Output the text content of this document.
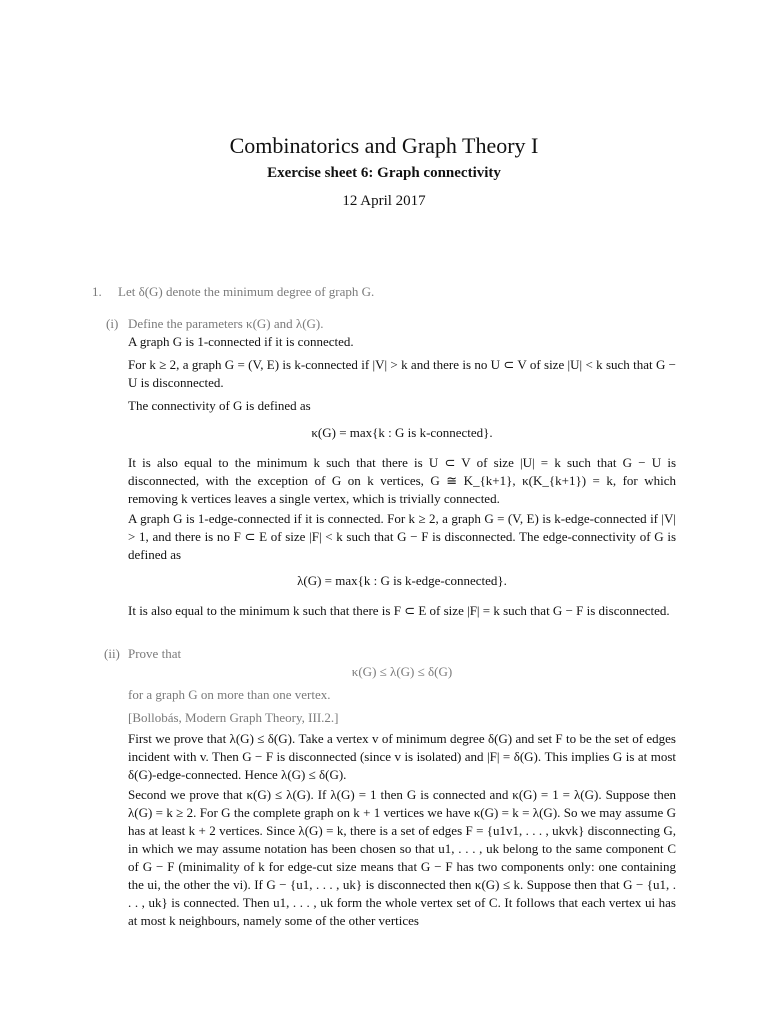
Combinatorics and Graph Theory I
Exercise sheet 6: Graph connectivity
12 April 2017
1. Let δ(G) denote the minimum degree of graph G.
(i) Define the parameters κ(G) and λ(G).
A graph G is 1-connected if it is connected.
For k ≥ 2, a graph G = (V, E) is k-connected if |V| > k and there is no U ⊂ V of size |U| < k such that G − U is disconnected.
The connectivity of G is defined as
κ(G) = max{k : G is k-connected}.
It is also equal to the minimum k such that there is U ⊂ V of size |U| = k such that G − U is disconnected, with the exception of G on k vertices, G ≅ K_{k+1}, κ(K_{k+1}) = k, for which removing k vertices leaves a single vertex, which is trivially connected.
A graph G is 1-edge-connected if it is connected. For k ≥ 2, a graph G = (V, E) is k-edge-connected if |V| > 1, and there is no F ⊂ E of size |F| < k such that G − F is disconnected. The edge-connectivity of G is defined as
λ(G) = max{k : G is k-edge-connected}.
It is also equal to the minimum k such that there is F ⊂ E of size |F| = k such that G − F is disconnected.
(ii) Prove that
κ(G) ≤ λ(G) ≤ δ(G)
for a graph G on more than one vertex.
[Bollobás, Modern Graph Theory, III.2.]
First we prove that λ(G) ≤ δ(G). Take a vertex v of minimum degree δ(G) and set F to be the set of edges incident with v. Then G − F is disconnected (since v is isolated) and |F| = δ(G). This implies G is at most δ(G)-edge-connected. Hence λ(G) ≤ δ(G).
Second we prove that κ(G) ≤ λ(G). If λ(G) = 1 then G is connected and κ(G) = 1 = λ(G). Suppose then λ(G) = k ≥ 2. For G the complete graph on k + 1 vertices we have κ(G) = k = λ(G). So we may assume G has at least k + 2 vertices. Since λ(G) = k, there is a set of edges F = {u1v1, . . . , ukvk} disconnecting G, in which we may assume notation has been chosen so that u1, . . . , uk belong to the same component C of G − F (minimality of k for edge-cut size means that G − F has two components only: one containing the ui, the other the vi). If G − {u1, . . . , uk} is disconnected then κ(G) ≤ k. Suppose then that G − {u1, . . . , uk} is connected. Then u1, . . . , uk form the whole vertex set of C. It follows that each vertex ui has at most k neighbours, namely some of the other vertices
